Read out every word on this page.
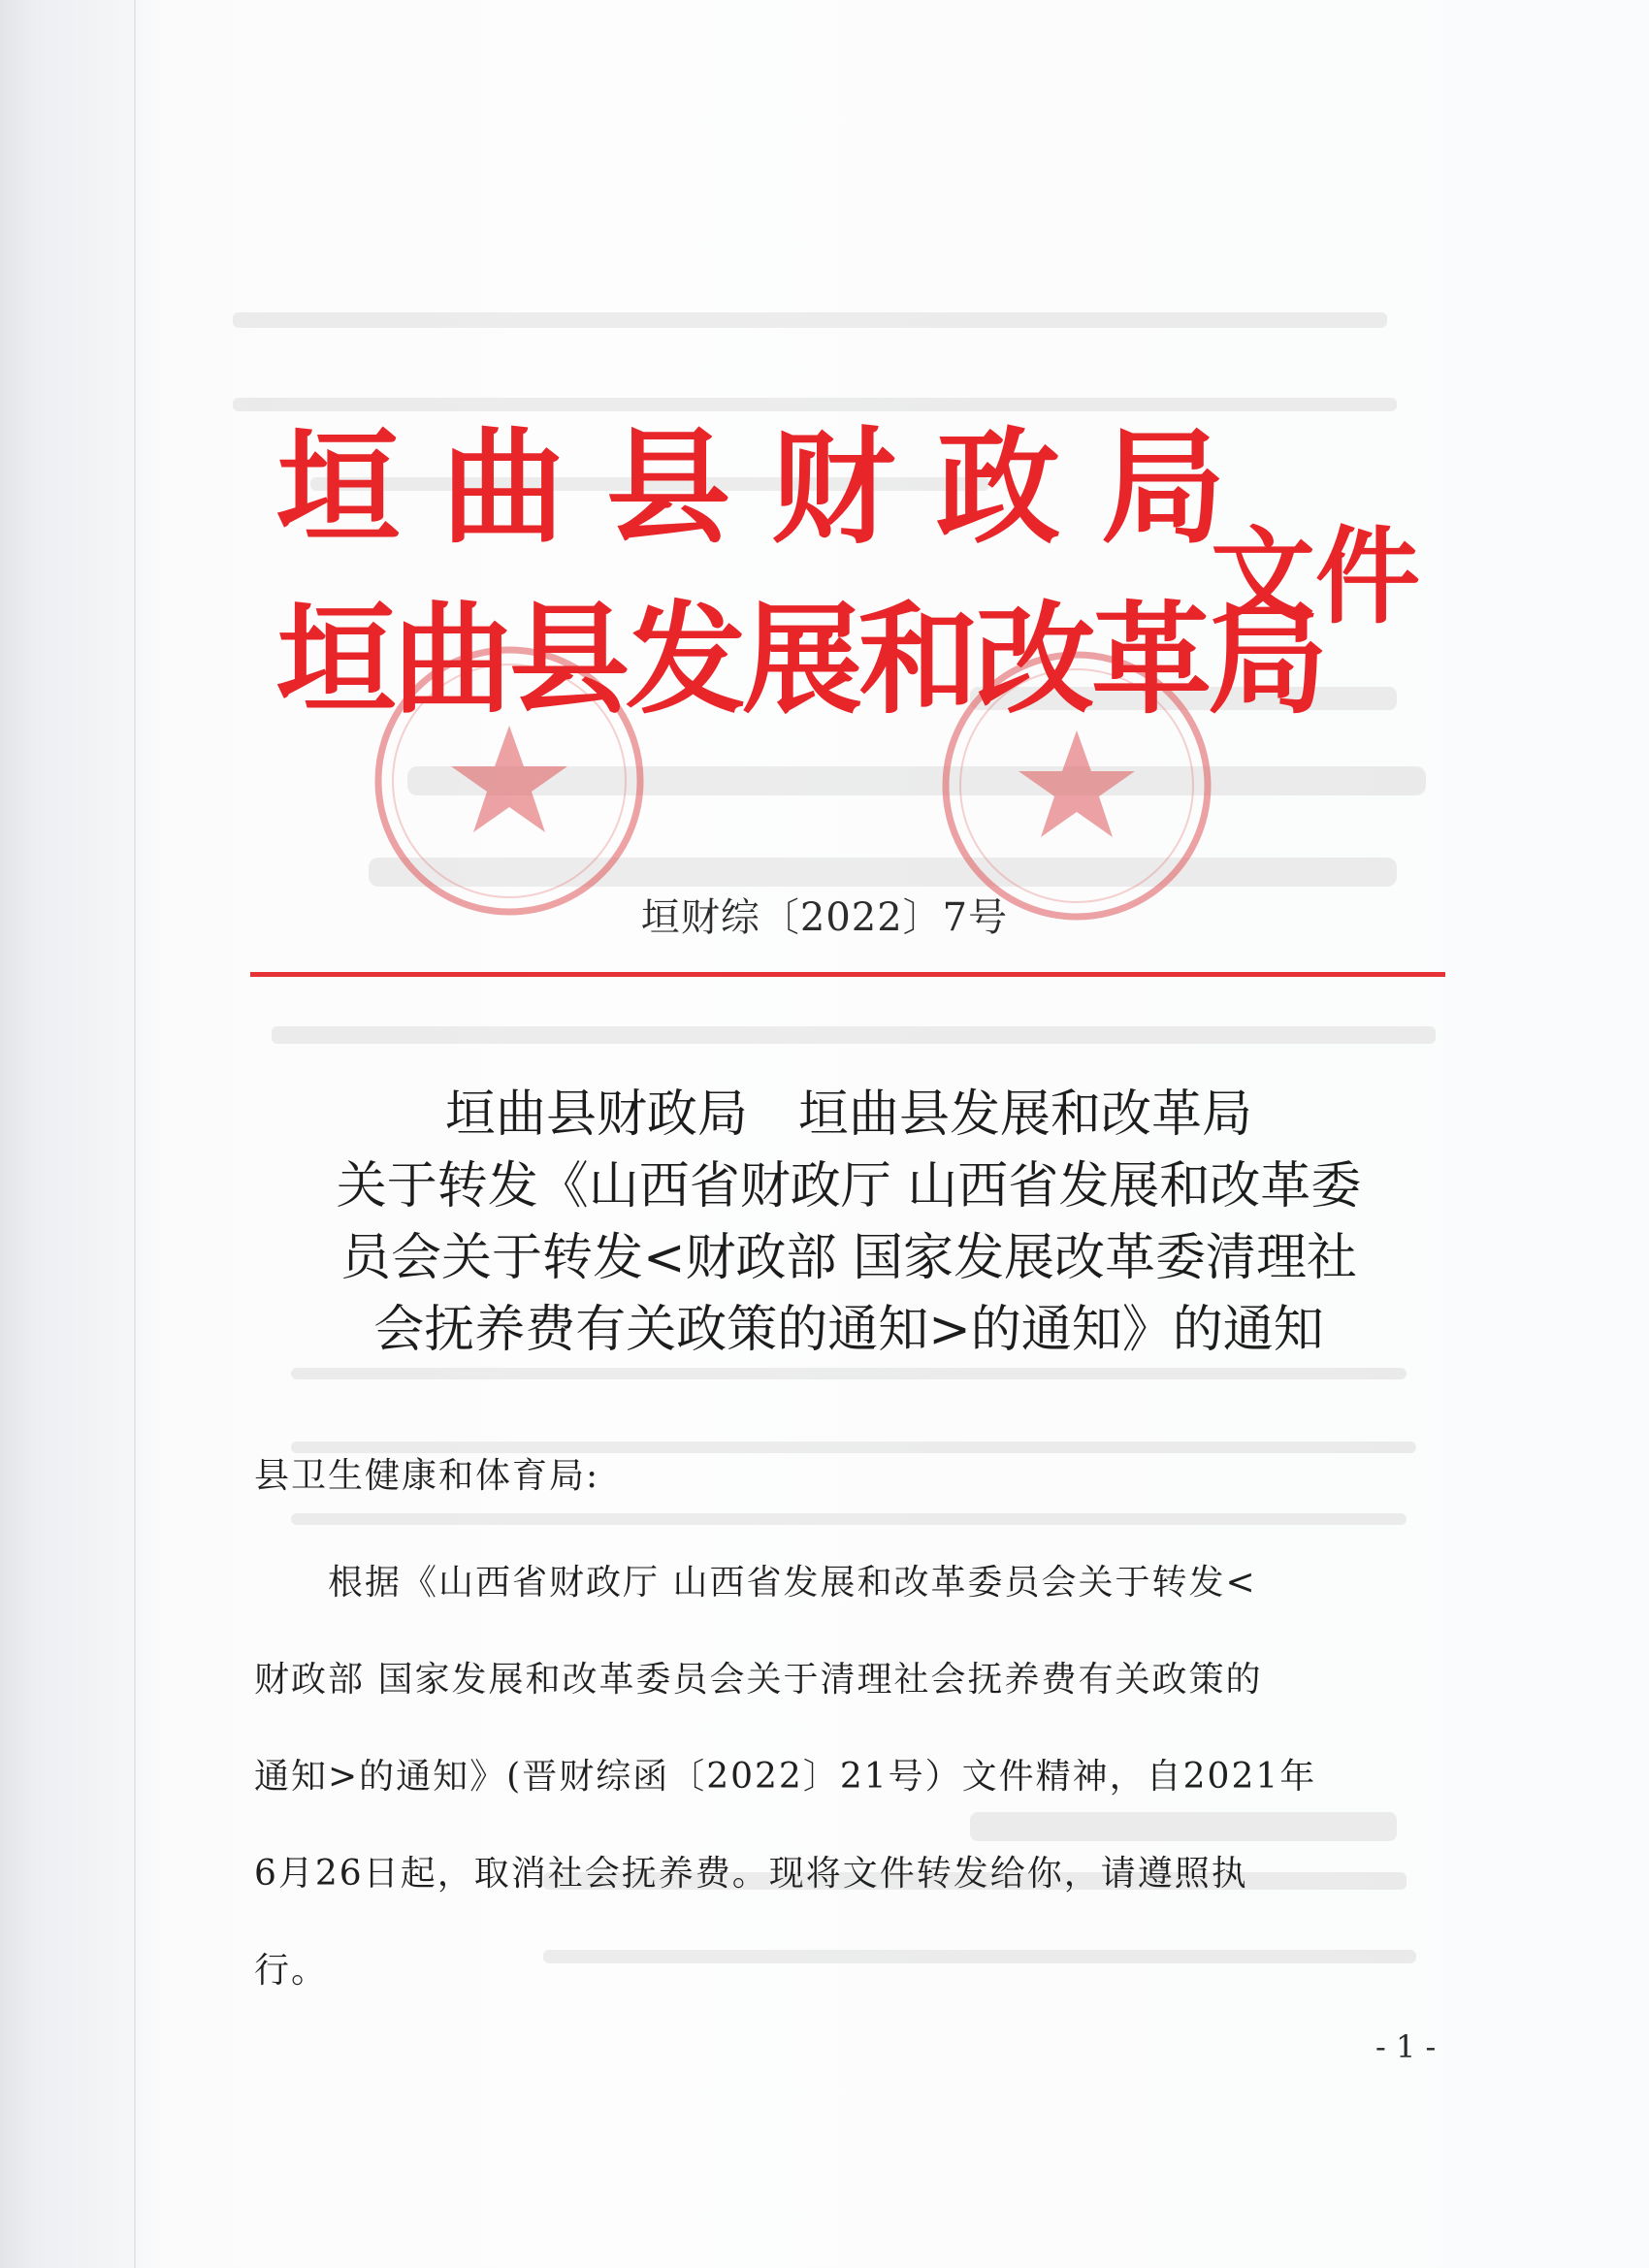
垣曲县财政局
垣曲县发展和改革局
文件
垣财综〔2022〕7号
垣曲县财政局　垣曲县发展和改革局
关于转发《山西省财政厅 山西省发展和改革委
员会关于转发<财政部 国家发展改革委清理社
会抚养费有关政策的通知>的通知》的通知
县卫生健康和体育局:
　　根据《山西省财政厅 山西省发展和改革委员会关于转发<
财政部 国家发展和改革委员会关于清理社会抚养费有关政策的
通知>的通知》(晋财综函〔2022〕21号）文件精神，自2021年
6月26日起，取消社会抚养费。现将文件转发给你，请遵照执
行。
- 1 -
